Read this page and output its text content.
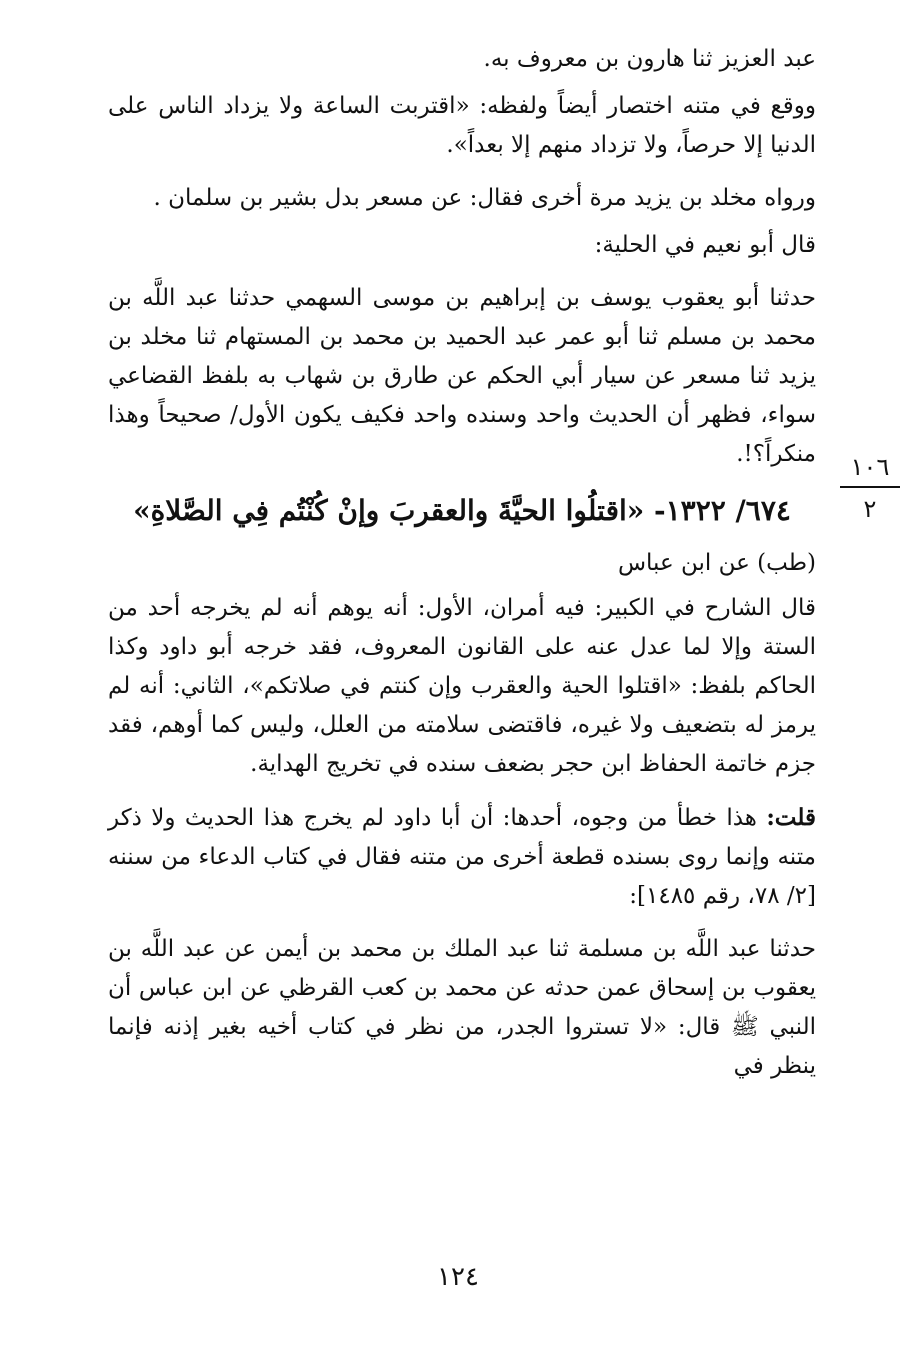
عبد العزيز ثنا هارون بن معروف به.

ووقع في متنه اختصار أيضاً ولفظه: «اقتربت الساعة ولا يزداد الناس على الدنيا إلا حرصاً، ولا تزداد منهم إلا بعداً».

ورواه مخلد بن يزيد مرة أخرى فقال: عن مسعر بدل بشير بن سلمان .

قال أبو نعيم في الحلية:

حدثنا أبو يعقوب يوسف بن إبراهيم بن موسى السهمي حدثنا عبد اللَّه بن محمد بن مسلم ثنا أبو عمر عبد الحميد بن محمد بن المستهام ثنا مخلد بن يزيد ثنا مسعر عن سيار أبي الحكم عن طارق بن شهاب به بلفظ القضاعي سواء، فظهر أن الحديث واحد وسنده واحد فكيف يكون الأول/ صحيحاً وهذا منكراً؟!.

٦٧٤/ ١٣٢٢- «اقتلُوا الحيَّةَ والعقربَ وإنْ كُنْتُم فِي الصَّلاةِ»

(طب) عن ابن عباس

قال الشارح في الكبير: فيه أمران، الأول: أنه يوهم أنه لم يخرجه أحد من الستة وإلا لما عدل عنه على القانون المعروف، فقد خرجه أبو داود وكذا الحاكم بلفظ: «اقتلوا الحية والعقرب وإن كنتم في صلاتكم»، الثاني: أنه لم يرمز له بتضعيف ولا غيره، فاقتضى سلامته من العلل، وليس كما أوهم، فقد جزم خاتمة الحفاظ ابن حجر بضعف سنده في تخريج الهداية.

قلت: هذا خطأ من وجوه، أحدها: أن أبا داود لم يخرج هذا الحديث ولا ذكر متنه وإنما روى بسنده قطعة أخرى من متنه فقال في كتاب الدعاء من سننه [٢/ ٧٨، رقم ١٤٨٥]:

حدثنا عبد اللَّه بن مسلمة ثنا عبد الملك بن محمد بن أيمن عن عبد اللَّه بن يعقوب بن إسحاق عمن حدثه عن محمد بن كعب القرظي عن ابن عباس أن النبي ﷺ قال: «لا تستروا الجدر، من نظر في كتاب أخيه بغير إذنه فإنما ينظر في

١٠٦
٢
١٢٤
